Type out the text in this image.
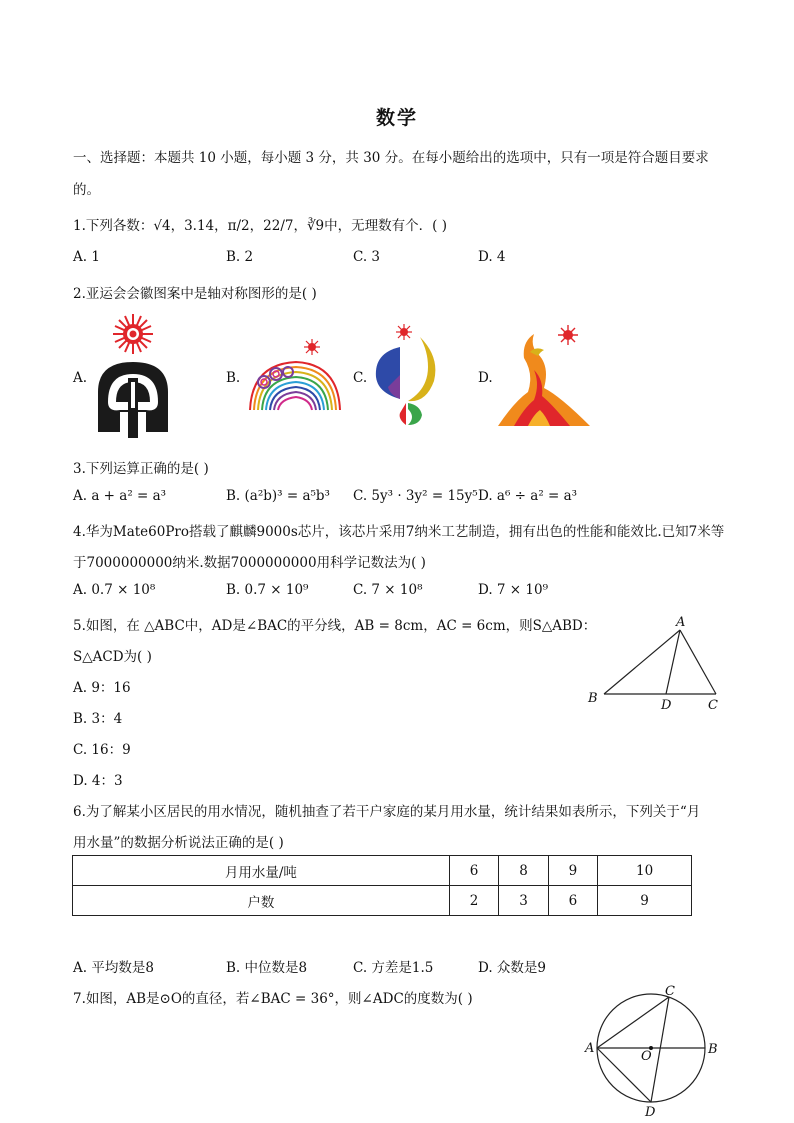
数学
一、选择题：本题共 10 小题，每小题 3 分，共 30 分。在每小题给出的选项中，只有一项是符合题目要求
的。
1.下列各数：√4，3.14，π/2，22/7，∛9中，无理数有个．( )
A. 1	B. 2	C. 3	D. 4
2.亚运会会徽图案中是轴对称图形的是( )
A.	B.	C.	D.
3.下列运算正确的是( )
A. a + a² = a³	B. (a²b)³ = a⁵b³ C. 5y³ · 3y² = 15y⁵ D. a⁶ ÷ a² = a³
4.华为Mate60Pro搭载了麒麟9000s芯片，该芯片采用7纳米工艺制造，拥有出色的性能和能效比.已知7米等
于7000000000纳米.数据7000000000用科学记数法为( )
A. 0.7 × 10⁸	B. 0.7 × 10⁹	C. 7 × 10⁸	D. 7 × 10⁹
5.如图，在 △ABC中，AD是∠BAC的平分线，AB = 8cm，AC = 6cm，则S△ABD：
S△ACD为( )
A. 9：16
B. 3：4
C. 16：9
D. 4：3
A
B	D	C
6.为了解某小区居民的用水情况，随机抽查了若干户家庭的某月用水量，统计结果如表所示，下列关于“月
用水量”的数据分析说法正确的是( )
月用水量/吨	6	8	9	10
户数	2	3	6	9
A. 平均数是8	B. 中位数是8	C. 方差是1.5	D. 众数是9
7.如图，AB是⊙O的直径，若∠BAC = 36°，则∠ADC的度数为( )	C
A	B
O
D
